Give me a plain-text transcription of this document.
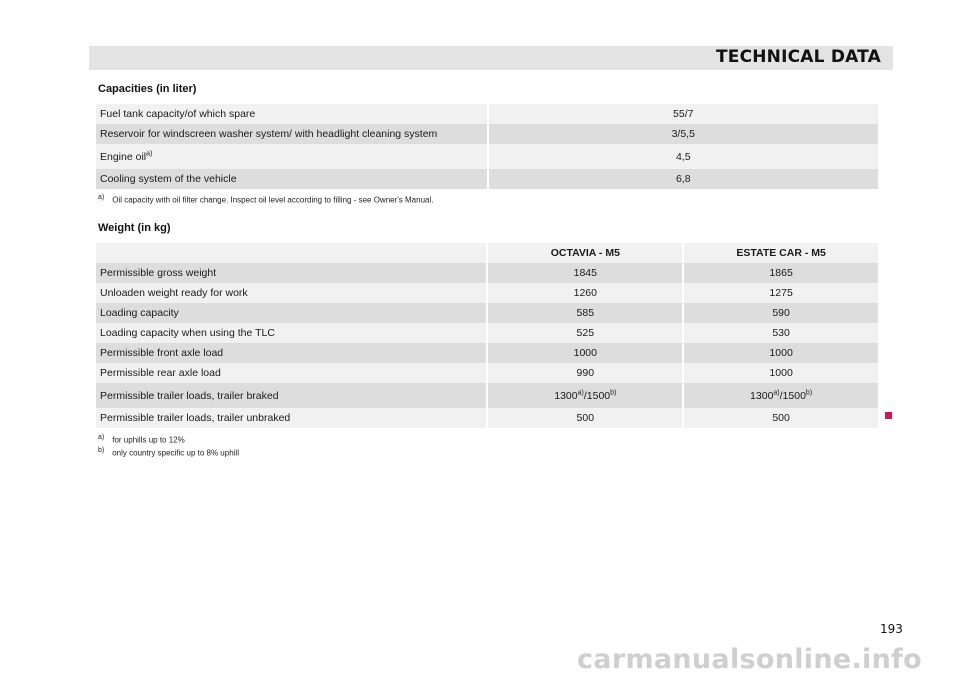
TECHNICAL DATA
Capacities (in liter)
Fuel tank capacity/of which spare	55/7
Reservoir for windscreen washer system/ with headlight cleaning system	3/5,5
Engine oil$^{a)}$	4,5
Cooling system of the vehicle	6,8
a) Oil capacity with oil filter change. Inspect oil level according to filling - see Owner's Manual.
Weight (in kg)
	OCTAVIA - M5	ESTATE CAR - M5
Permissible gross weight	1845	1865
Unloaden weight ready for work	1260	1275
Loading capacity	585	590
Loading capacity when using the TLC	525	530
Permissible front axle load	1000	1000
Permissible rear axle load	990	1000
Permissible trailer loads, trailer braked	1300$^{a)}$/1500$^{b)}$	1300$^{a)}$/1500$^{b)}$
Permissible trailer loads, trailer unbraked	500	500
a) for uphills up to 12%
b) only country specific up to 8% uphill
193
carmanualsonline.info
